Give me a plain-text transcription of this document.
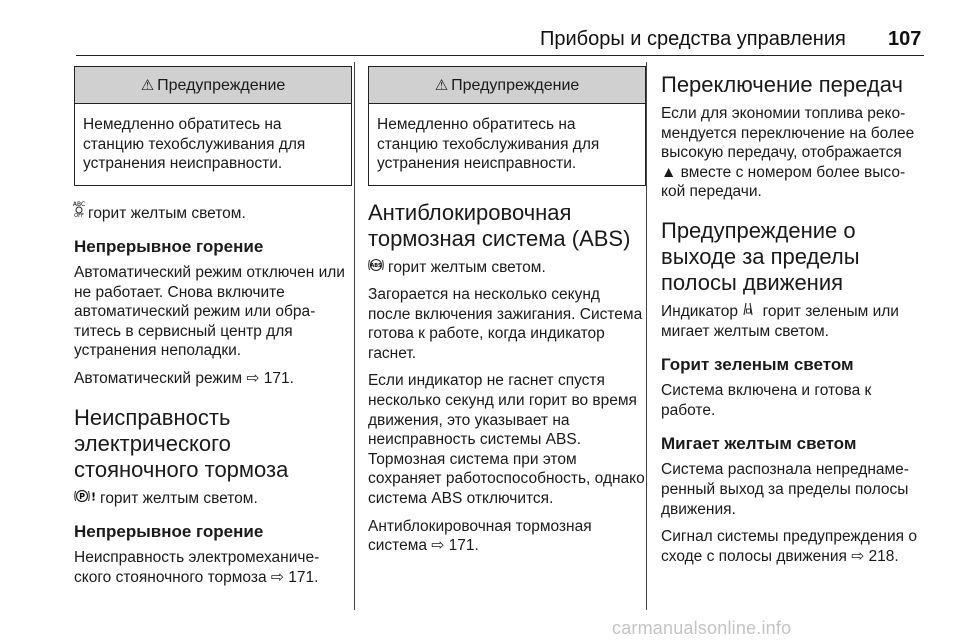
Приборы и средства управления 107
⚠ Предупреждение
Немедленно обратитесь на станцию техобслуживания для устранения неисправности.

ABC
OFF горит желтым светом.

Непрерывное горение

Автоматический режим отключен или не работает. Снова включите автоматический режим или обра-титесь в сервисный центр для устранения неполадки.

Автоматический режим ⇨ 171.

Неисправность электрического стояночного тормоза

P ! горит желтым светом.

Непрерывное горение

Неисправность электромеханиче-ского стояночного тормоза ⇨ 171.

⚠ Предупреждение
Немедленно обратитесь на станцию техобслуживания для устранения неисправности.
Антиблокировочная тормозная система (ABS)

ABS горит желтым светом.

Загорается на несколько секунд после включения зажигания. Система готова к работе, когда индикатор гаснет.

Если индикатор не гаснет спустя несколько секунд или горит во время движения, это указывает на неисправность системы ABS. Тормозная система при этом сохраняет работоспособность, однако система ABS отключится.

Антиблокировочная тормозная система ⇨ 171.

Переключение передач

Если для экономии топлива реко-мендуется переключение на более высокую передачу, отображается
▲ вместе с номером более высо-кой передачи.

Предупреждение о выходе за пределы полосы движения

Индикатор  горит зеленым или мигает желтым светом.

Горит зеленым светом

Система включена и готова к работе.

Мигает желтым светом

Система распознала непреднаме-ренный выход за пределы полосы движения.

Сигнал системы предупреждения о сходе с полосы движения ⇨ 218.

carmanualsonline.info
